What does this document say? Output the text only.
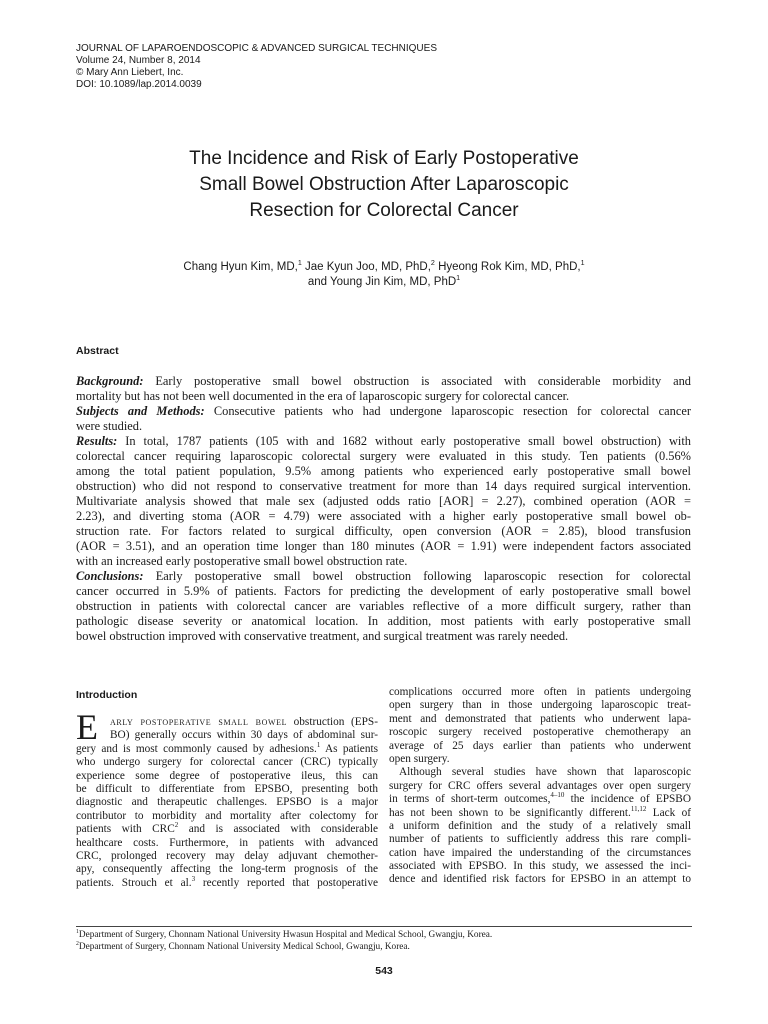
JOURNAL OF LAPAROENDOSCOPIC & ADVANCED SURGICAL TECHNIQUES
Volume 24, Number 8, 2014
© Mary Ann Liebert, Inc.
DOI: 10.1089/lap.2014.0039
The Incidence and Risk of Early Postoperative
Small Bowel Obstruction After Laparoscopic
Resection for Colorectal Cancer
Chang Hyun Kim, MD,$^1$ Jae Kyun Joo, MD, PhD,$^2$ Hyeong Rok Kim, MD, PhD,$^1$
and Young Jin Kim, MD, PhD$^1$
Abstract
Background: Early postoperative small bowel obstruction is associated with considerable morbidity and
mortality but has not been well documented in the era of laparoscopic surgery for colorectal cancer.
Subjects and Methods: Consecutive patients who had undergone laparoscopic resection for colorectal cancer
were studied.
Results: In total, 1787 patients (105 with and 1682 without early postoperative small bowel obstruction) with
colorectal cancer requiring laparoscopic colorectal surgery were evaluated in this study. Ten patients (0.56%
among the total patient population, 9.5% among patients who experienced early postoperative small bowel
obstruction) who did not respond to conservative treatment for more than 14 days required surgical intervention.
Multivariate analysis showed that male sex (adjusted odds ratio [AOR] = 2.27), combined operation (AOR =
2.23), and diverting stoma (AOR = 4.79) were associated with a higher early postoperative small bowel ob-
struction rate. For factors related to surgical difficulty, open conversion (AOR = 2.85), blood transfusion
(AOR = 3.51), and an operation time longer than 180 minutes (AOR = 1.91) were independent factors associated
with an increased early postoperative small bowel obstruction rate.
Conclusions: Early postoperative small bowel obstruction following laparoscopic resection for colorectal
cancer occurred in 5.9% of patients. Factors for predicting the development of early postoperative small bowel
obstruction in patients with colorectal cancer are variables reflective of a more difficult surgery, rather than
pathologic disease severity or anatomical location. In addition, most patients with early postoperative small
bowel obstruction improved with conservative treatment, and surgical treatment was rarely needed.
Introduction
E	arly postoperative small bowel obstruction (EPS-
BO) generally occurs within 30 days of abdominal sur-
gery and is most commonly caused by adhesions.$^1$ As patients
who undergo surgery for colorectal cancer (CRC) typically
experience some degree of postoperative ileus, this can
be difficult to differentiate from EPSBO, presenting both
diagnostic and therapeutic challenges. EPSBO is a major
contributor to morbidity and mortality after colectomy for
patients with CRC$^2$ and is associated with considerable
healthcare costs. Furthermore, in patients with advanced
CRC, prolonged recovery may delay adjuvant chemother-
apy, consequently affecting the long-term prognosis of the
patients. Strouch et al.$^3$ recently reported that postoperative
complications occurred more often in patients undergoing
open surgery than in those undergoing laparoscopic treat-
ment and demonstrated that patients who underwent lapa-
roscopic surgery received postoperative chemotherapy an
average of 25 days earlier than patients who underwent
open surgery.
Although several studies have shown that laparoscopic
surgery for CRC offers several advantages over open surgery
in terms of short-term outcomes,$^{4-10}$ the incidence of EPSBO
has not been shown to be significantly different.$^{11,12}$ Lack of
a uniform definition and the study of a relatively small
number of patients to sufficiently address this rare compli-
cation have impaired the understanding of the circumstances
associated with EPSBO. In this study, we assessed the inci-
dence and identified risk factors for EPSBO in an attempt to
$^1$Department of Surgery, Chonnam National University Hwasun Hospital and Medical School, Gwangju, Korea.
$^2$Department of Surgery, Chonnam National University Medical School, Gwangju, Korea.
543
